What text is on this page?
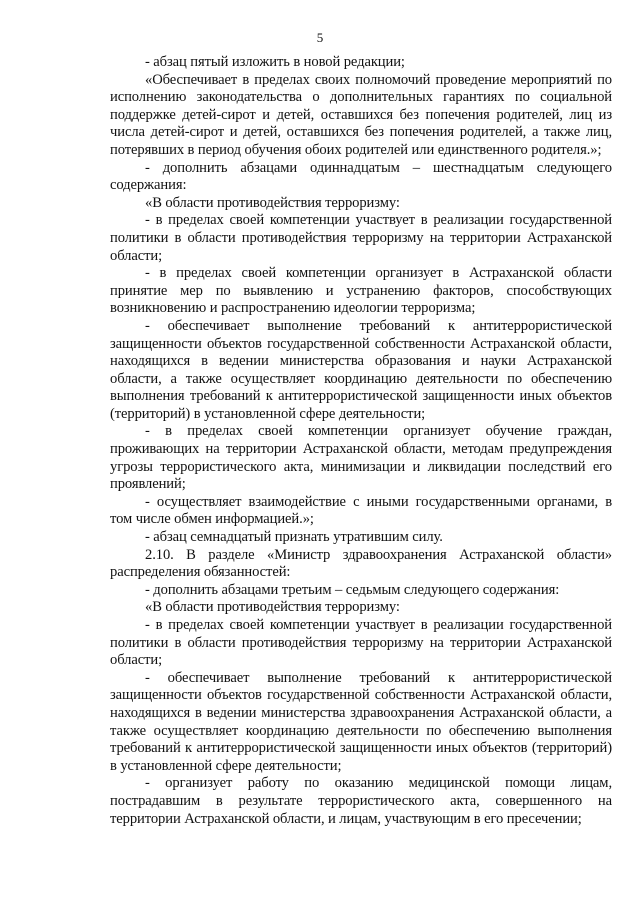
5

- абзац пятый изложить в новой редакции;

«Обеспечивает в пределах своих полномочий проведение мероприятий по исполнению законодательства о дополнительных гарантиях по социальной поддержке детей-сирот и детей, оставшихся без попечения родителей, лиц из числа детей-сирот и детей, оставшихся без попечения родителей, а также лиц, потерявших в период обучения обоих родителей или единственного родителя.»;

- дополнить абзацами одиннадцатым – шестнадцатым следующего содержания:

«В области противодействия терроризму:

- в пределах своей компетенции участвует в реализации государственной политики в области противодействия терроризму на территории Астраханской области;

- в пределах своей компетенции организует в Астраханской области принятие мер по выявлению и устранению факторов, способствующих возникновению и распространению идеологии терроризма;

- обеспечивает выполнение требований к антитеррористической защищенности объектов государственной собственности Астраханской области, находящихся в ведении министерства образования и науки Астраханской области, а также осуществляет координацию деятельности по обеспечению выполнения требований к антитеррористической защищенности иных объектов (территорий) в установленной сфере деятельности;

- в пределах своей компетенции организует обучение граждан, проживающих на территории Астраханской области, методам предупреждения угрозы террористического акта, минимизации и ликвидации последствий его проявлений;

- осуществляет взаимодействие с иными государственными органами, в том числе обмен информацией.»;

- абзац семнадцатый признать утратившим силу.

2.10. В разделе «Министр здравоохранения Астраханской области» распределения обязанностей:

- дополнить абзацами третьим – седьмым следующего содержания:

«В области противодействия терроризму:

- в пределах своей компетенции участвует в реализации государственной политики в области противодействия терроризму на территории Астраханской области;

- обеспечивает выполнение требований к антитеррористической защищенности объектов государственной собственности Астраханской области, находящихся в ведении министерства здравоохранения Астраханской области, а также осуществляет координацию деятельности по обеспечению выполнения требований к антитеррористической защищенности иных объектов (территорий) в установленной сфере деятельности;

- организует работу по оказанию медицинской помощи лицам, пострадавшим в результате террористического акта, совершенного на территории Астраханской области, и лицам, участвующим в его пресечении;
